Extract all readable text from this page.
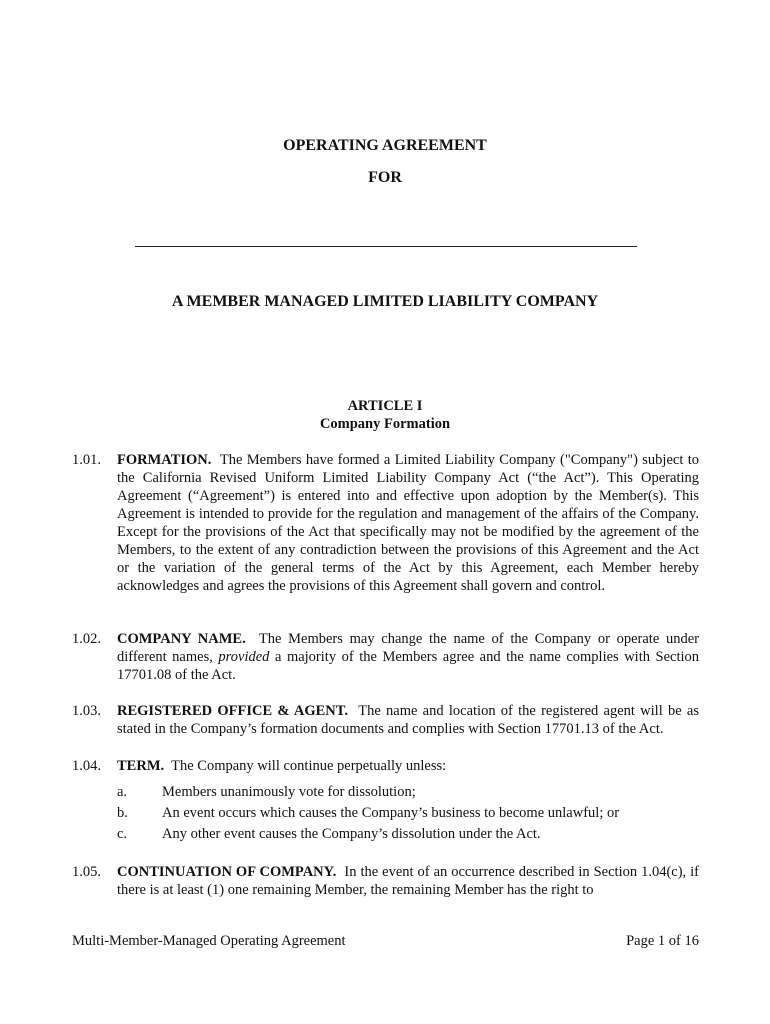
OPERATING AGREEMENT
FOR
A MEMBER MANAGED LIMITED LIABILITY COMPANY
ARTICLE I
Company Formation
1.01.	FORMATION. The Members have formed a Limited Liability Company ("Company") subject to the California Revised Uniform Limited Liability Company Act (“the Act”). This Operating Agreement (“Agreement”) is entered into and effective upon adoption by the Member(s). This Agreement is intended to provide for the regulation and management of the affairs of the Company. Except for the provisions of the Act that specifically may not be modified by the agreement of the Members, to the extent of any contradiction between the provisions of this Agreement and the Act or the variation of the general terms of the Act by this Agreement, each Member hereby acknowledges and agrees the provisions of this Agreement shall govern and control.
1.02.	COMPANY NAME. The Members may change the name of the Company or operate under different names, provided a majority of the Members agree and the name complies with Section 17701.08 of the Act.
1.03.	REGISTERED OFFICE & AGENT. The name and location of the registered agent will be as stated in the Company’s formation documents and complies with Section 17701.13 of the Act.
1.04.	TERM. The Company will continue perpetually unless:
a. Members unanimously vote for dissolution;
b. An event occurs which causes the Company’s business to become unlawful; or
c. Any other event causes the Company’s dissolution under the Act.
1.05.	CONTINUATION OF COMPANY. In the event of an occurrence described in Section 1.04(c), if there is at least (1) one remaining Member, the remaining Member has the right to
Multi-Member-Managed Operating Agreement	Page 1 of 16
